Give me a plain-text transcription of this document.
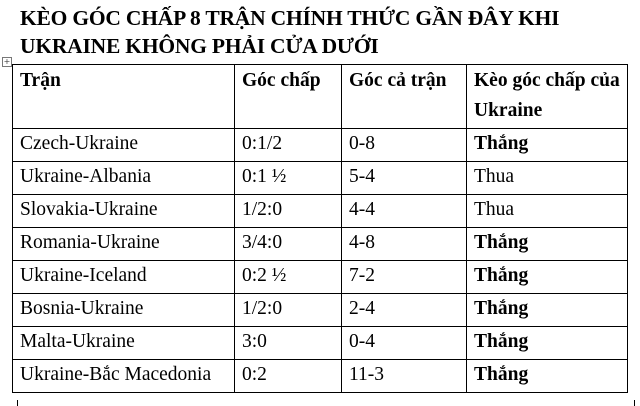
KÈO GÓC CHẤP 8 TRẬN CHÍNH THỨC GẦN ĐÂY KHI UKRAINE KHÔNG PHẢI CỬA DƯỚI
+
Trận	Góc chấp	Góc cả trận	Kèo góc chấp của Ukraine
Czech-Ukraine	0:1/2	0-8	Thắng
Ukraine-Albania	0:1 ½	5-4	Thua
Slovakia-Ukraine	1/2:0	4-4	Thua
Romania-Ukraine	3/4:0	4-8	Thắng
Ukraine-Iceland	0:2 ½	7-2	Thắng
Bosnia-Ukraine	1/2:0	2-4	Thắng
Malta-Ukraine	3:0	0-4	Thắng
Ukraine-Bắc Macedonia	0:2	11-3	Thắng
